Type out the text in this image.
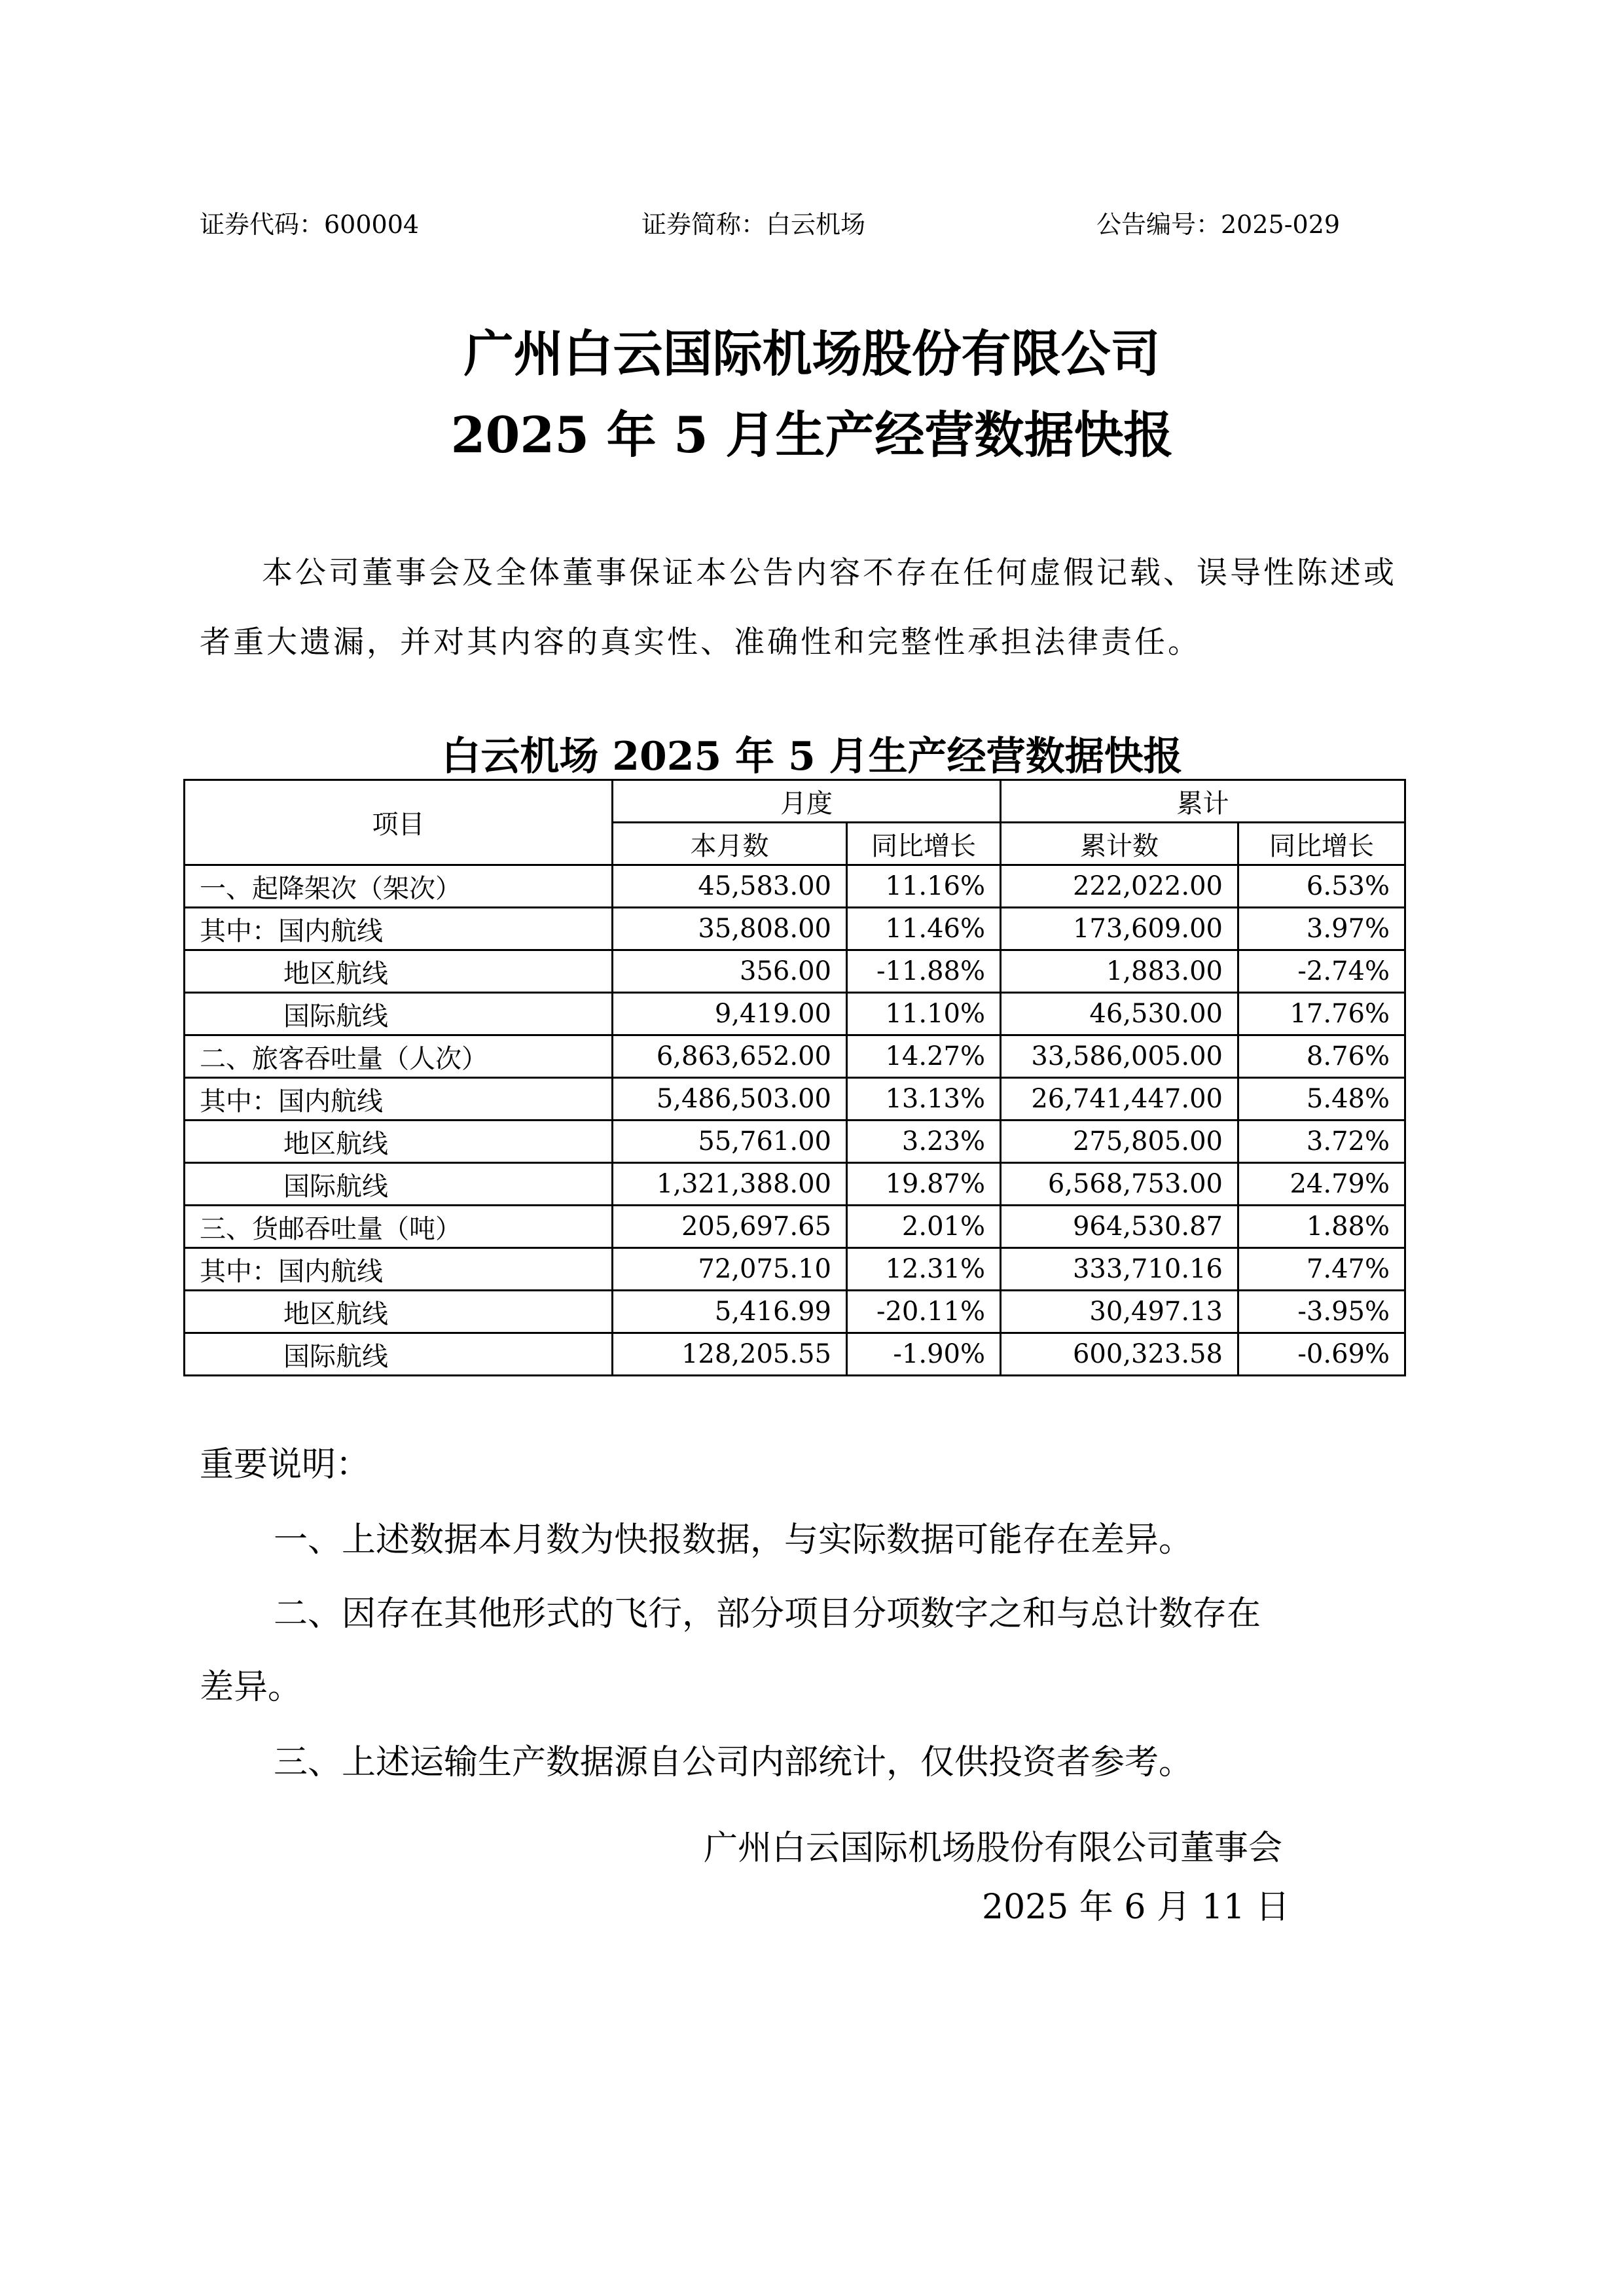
证券代码：600004	证券简称：白云机场	公告编号：2025-029
广州白云国际机场股份有限公司
2025 年 5 月生产经营数据快报
本公司董事会及全体董事保证本公告内容不存在任何虚假记载、误导性陈述或
者重大遗漏，并对其内容的真实性、准确性和完整性承担法律责任。
白云机场 2025 年 5 月生产经营数据快报
项目	月度		累计	
	本月数	同比增长	累计数	同比增长
一、起降架次（架次）	45,583.00	11.16%	222,022.00	6.53%
其中：国内航线	35,808.00	11.46%	173,609.00	3.97%
地区航线	356.00	-11.88%	1,883.00	-2.74%
国际航线	9,419.00	11.10%	46,530.00	17.76%
二、旅客吞吐量（人次）	6,863,652.00	14.27%	33,586,005.00	8.76%
其中：国内航线	5,486,503.00	13.13%	26,741,447.00	5.48%
地区航线	55,761.00	3.23%	275,805.00	3.72%
国际航线	1,321,388.00	19.87%	6,568,753.00	24.79%
三、货邮吞吐量（吨）	205,697.65	2.01%	964,530.87	1.88%
其中：国内航线	72,075.10	12.31%	333,710.16	7.47%
地区航线	5,416.99	-20.11%	30,497.13	-3.95%
国际航线	128,205.55	-1.90%	600,323.58	-0.69%
重要说明：
一、上述数据本月数为快报数据，与实际数据可能存在差异。
二、因存在其他形式的飞行，部分项目分项数字之和与总计数存在
差异。
三、上述运输生产数据源自公司内部统计，仅供投资者参考。
广州白云国际机场股份有限公司董事会
2025 年 6 月 11 日
